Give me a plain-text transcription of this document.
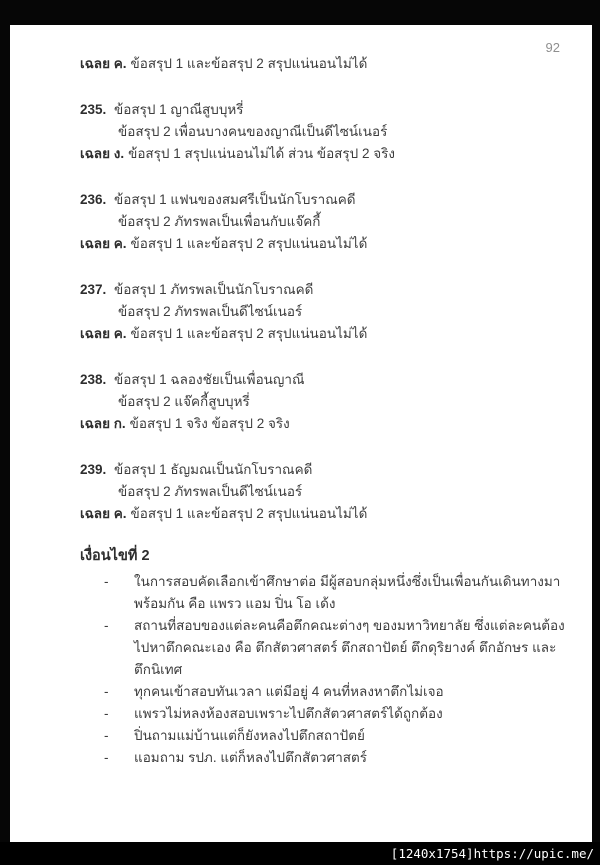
92
เฉลย ค. ข้อสรุป 1 และข้อสรุป 2 สรุปแน่นอนไม่ได้
235. ข้อสรุป 1 ญาณีสูบบุหรี่
ข้อสรุป 2 เพื่อนบางคนของญาณีเป็นดีไซน์เนอร์
เฉลย ง. ข้อสรุป 1 สรุปแน่นอนไม่ได้ ส่วน ข้อสรุป 2 จริง
236. ข้อสรุป 1 แฟนของสมศรีเป็นนักโบราณคดี
ข้อสรุป 2 ภัทรพลเป็นเพื่อนกับแจ๊คกี้
เฉลย ค. ข้อสรุป 1 และข้อสรุป 2 สรุปแน่นอนไม่ได้
237. ข้อสรุป 1 ภัทรพลเป็นนักโบราณคดี
ข้อสรุป 2 ภัทรพลเป็นดีไซน์เนอร์
เฉลย ค. ข้อสรุป 1 และข้อสรุป 2 สรุปแน่นอนไม่ได้
238. ข้อสรุป 1 ฉลองชัยเป็นเพื่อนญาณี
ข้อสรุป 2 แจ๊คกี้สูบบุหรี่
เฉลย ก. ข้อสรุป 1 จริง ข้อสรุป 2 จริง
239. ข้อสรุป 1 ธัญมณเป็นนักโบราณคดี
ข้อสรุป 2 ภัทรพลเป็นดีไซน์เนอร์
เฉลย ค. ข้อสรุป 1 และข้อสรุป 2 สรุปแน่นอนไม่ได้
เงื่อนไขที่ 2
- ในการสอบคัดเลือกเข้าศึกษาต่อ มีผู้สอบกลุ่มหนึ่งซึ่งเป็นเพื่อนกันเดินทางมาพร้อมกัน คือ แพรว แอม ปิ่น โอ เด้ง
- สถานที่สอบของแต่ละคนคือตึกคณะต่างๆ ของมหาวิทยาลัย ซึ่งแต่ละคนต้องไปหาตึกคณะเอง คือ ตึกสัตวศาสตร์ ตึกสถาปัตย์ ตึกดุริยางค์ ตึกอักษร และตึกนิเทศ
- ทุกคนเข้าสอบทันเวลา แต่มีอยู่ 4 คนที่หลงหาตึกไม่เจอ
- แพรวไม่หลงห้องสอบเพราะไปตึกสัตวศาสตร์ได้ถูกต้อง
- ปิ่นถามแม่บ้านแต่ก็ยังหลงไปตึกสถาปัตย์
- แอมถาม รปภ. แต่ก็หลงไปตึกสัตวศาสตร์
[1240x1754]https://upic.me/
